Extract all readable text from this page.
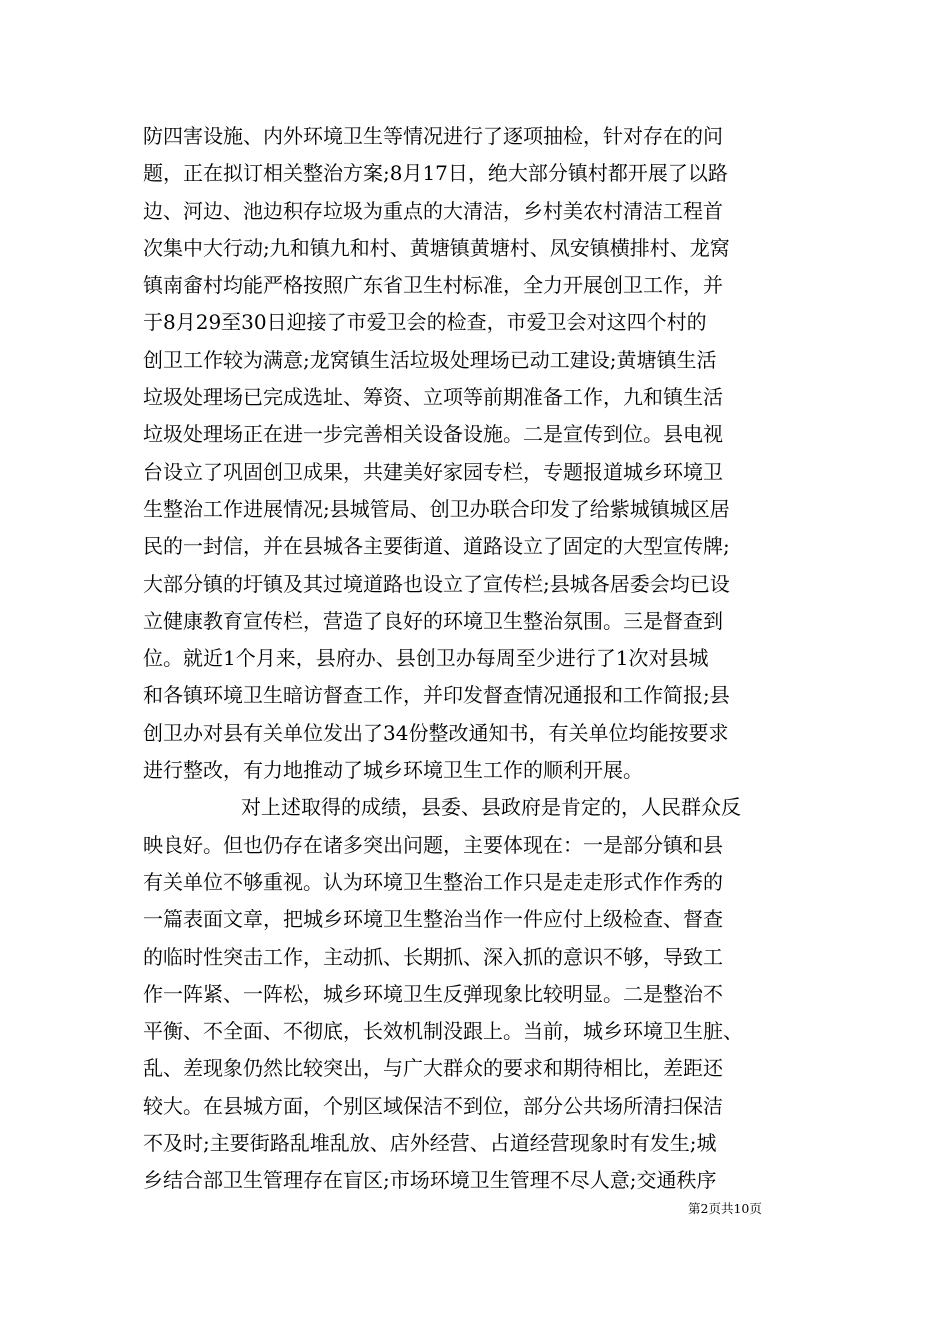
防四害设施、内外环境卫生等情况进行了逐项抽检，针对存在的问
题，正在拟订相关整治方案;8月17日，绝大部分镇村都开展了以路
边、河边、池边积存垃圾为重点的大清洁，乡村美农村清洁工程首
次集中大行动;九和镇九和村、黄塘镇黄塘村、凤安镇横排村、龙窝
镇南畲村均能严格按照广东省卫生村标准，全力开展创卫工作，并
于8月29至30日迎接了市爱卫会的检查，市爱卫会对这四个村的
创卫工作较为满意;龙窝镇生活垃圾处理场已动工建设;黄塘镇生活
垃圾处理场已完成选址、筹资、立项等前期准备工作，九和镇生活
垃圾处理场正在进一步完善相关设备设施。二是宣传到位。县电视
台设立了巩固创卫成果，共建美好家园专栏，专题报道城乡环境卫
生整治工作进展情况;县城管局、创卫办联合印发了给紫城镇城区居
民的一封信，并在县城各主要街道、道路设立了固定的大型宣传牌;
大部分镇的圩镇及其过境道路也设立了宣传栏;县城各居委会均已设
立健康教育宣传栏，营造了良好的环境卫生整治氛围。三是督查到
位。就近1个月来，县府办、县创卫办每周至少进行了1次对县城
和各镇环境卫生暗访督查工作，并印发督查情况通报和工作简报;县
创卫办对县有关单位发出了34份整改通知书，有关单位均能按要求
进行整改，有力地推动了城乡环境卫生工作的顺利开展。
对上述取得的成绩，县委、县政府是肯定的，人民群众反
映良好。但也仍存在诸多突出问题，主要体现在：一是部分镇和县
有关单位不够重视。认为环境卫生整治工作只是走走形式作作秀的
一篇表面文章，把城乡环境卫生整治当作一件应付上级检查、督查
的临时性突击工作，主动抓、长期抓、深入抓的意识不够，导致工
作一阵紧、一阵松，城乡环境卫生反弹现象比较明显。二是整治不
平衡、不全面、不彻底，长效机制没跟上。当前，城乡环境卫生脏、
乱、差现象仍然比较突出，与广大群众的要求和期待相比，差距还
较大。在县城方面，个别区域保洁不到位，部分公共场所清扫保洁
不及时;主要街路乱堆乱放、店外经营、占道经营现象时有发生;城
乡结合部卫生管理存在盲区;市场环境卫生管理不尽人意;交通秩序
第2页共10页
